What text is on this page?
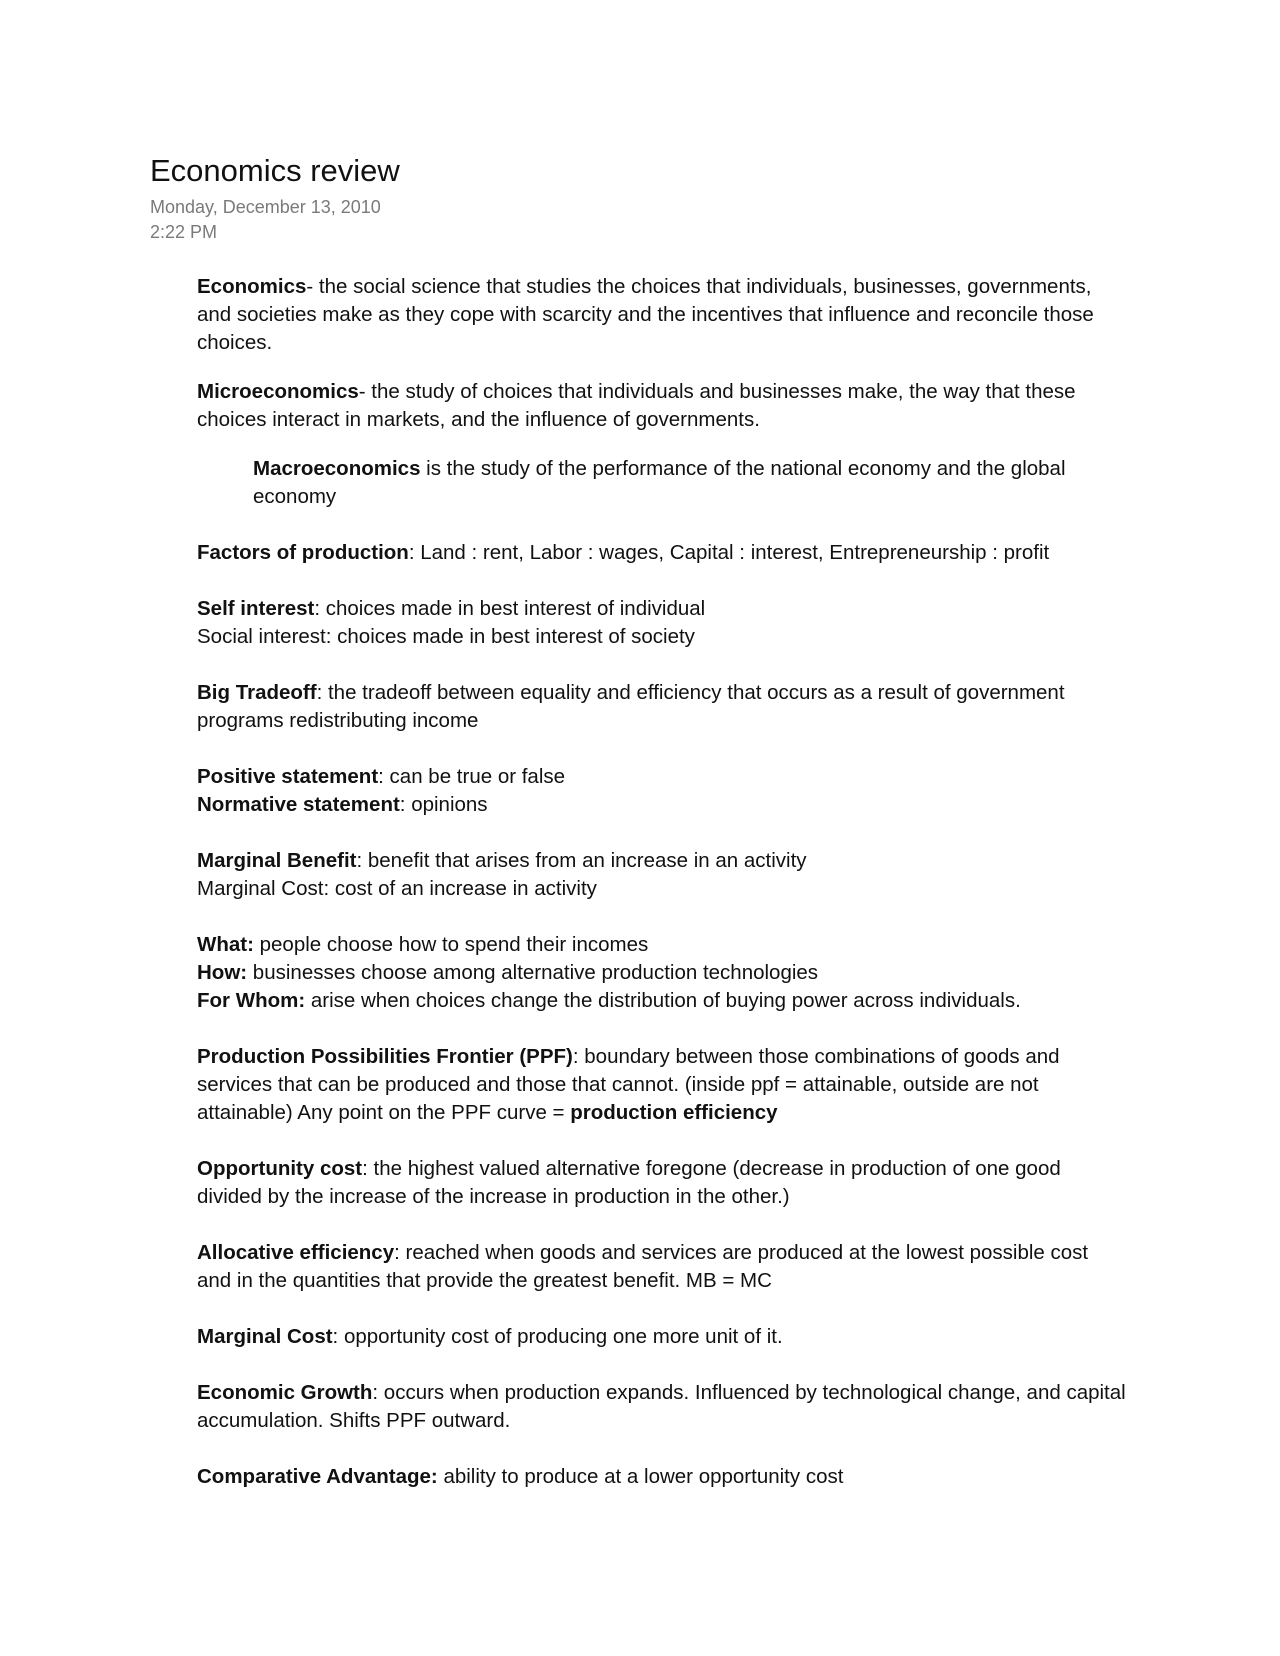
Economics review
Monday, December 13, 2010
2:22 PM

Economics- the social science that studies the choices that individuals, businesses, governments, and societies make as they cope with scarcity and the incentives that influence and reconcile those choices.

Microeconomics- the study of choices that individuals and businesses make, the way that these choices interact in markets, and the influence of governments.

Macroeconomics is the study of the performance of the national economy and the global economy

Factors of production: Land : rent, Labor : wages, Capital : interest, Entrepreneurship : profit

Self interest: choices made in best interest of individual

Social interest: choices made in best interest of society

Big Tradeoff: the tradeoff between equality and efficiency that occurs as a result of government programs redistributing income

Positive statement: can be true or false

Normative statement: opinions

Marginal Benefit: benefit that arises from an increase in an activity

Marginal Cost: cost of an increase in activity

What: people choose how to spend their incomes

How: businesses choose among alternative production technologies

For Whom: arise when choices change the distribution of buying power across individuals.

Production Possibilities Frontier (PPF): boundary between those combinations of goods and services that can be produced and those that cannot. (inside ppf = attainable, outside are not attainable) Any point on the PPF curve = production efficiency

Opportunity cost: the highest valued alternative foregone (decrease in production of one good divided by the increase of the increase in production in the other.)

Allocative efficiency: reached when goods and services are produced at the lowest possible cost and in the quantities that provide the greatest benefit. MB = MC

Marginal Cost: opportunity cost of producing one more unit of it.

Economic Growth: occurs when production expands. Influenced by technological change, and capital accumulation. Shifts PPF outward.

Comparative Advantage: ability to produce at a lower opportunity cost
